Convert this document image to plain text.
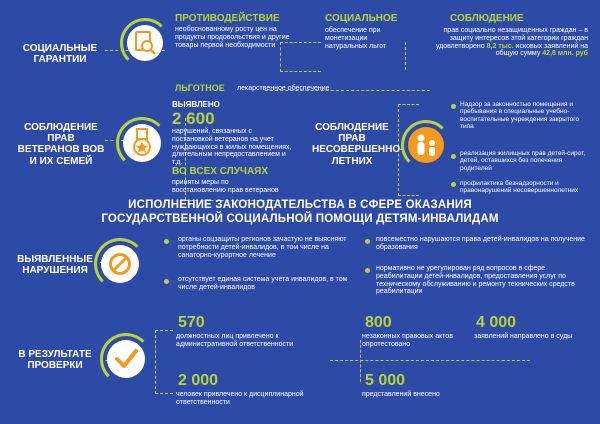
СОЦИАЛЬНЫЕ ГАРАНТИИ
ПРОТИВОДЕЙСТВИЕ
необоснованному росту цен на продукты продовольствия и другие товары первой необходимости
ЛЬГОТНОЕ лекарственное обеспечение
СОЦИАЛЬНОЕ
обеспечение при монетизации натуральных льгот
СОБЛЮДЕНИЕ
прав социально незащищенных граждан – в защиту интересов этой категории граждан удовлетворено 8,2 тыс. исковых заявлений на общую сумму 42,8 млн. руб
СОБЛЮДЕНИЕ ПРАВ ВЕТЕРАНОВ ВОВ И ИХ СЕМЕЙ
ВЫЯВЛЕНО
2 600
нарушений, связанных с постановкой ветеранов на учет нуждающихся в жилых помещениях, длительным непредоставлением и т.д.
ВО ВСЕХ СЛУЧАЯХ
приняты меры по восстановлению прав ветеранов
СОБЛЮДЕНИЕ ПРАВ НЕСОВЕРШЕННО-ЛЕТНИХ
Надзор за законностью помещения и пребывания в специальные учебно-воспитательные учреждения закрытого типа
реализация жилищных прав детей-сирот, детей, оставшихся без попечения родителей
профилактика безнадзорности и правонарушений несовершеннолетних
ИСПОЛНЕНИЕ ЗАКОНОДАТЕЛЬСТВА В СФЕРЕ ОКАЗАНИЯ
ГОСУДАРСТВЕННОЙ СОЦИАЛЬНОЙ ПОМОЩИ ДЕТЯМ-ИНВАЛИДАМ
ВЫЯВЛЕННЫЕ НАРУШЕНИЯ
органы соцзащиты регионов зачастую не выясняют потребности детей-инвалидов, в том числе на санаторно-курортное лечение
отсутствует единая система учета инвалидов, в том числе детей-инвалидов
повсеместно нарушаются права детей-инвалидов на получение образования
нормативно не урегулирован ряд вопросов в сфере реабилитации детей-инвалидов, предоставления услуг по техническому обслуживанию и ремонту технических средств реабилитации
В РЕЗУЛЬТАТЕ ПРОВЕРКИ
570
должностных лиц привлечено к административной ответственности
2 000
человек привлечено к дисциплинарной ответственности
800
незаконных правовых актов опротестовано
5 000
представлений внесено
4 000
заявлений направлено в суды
